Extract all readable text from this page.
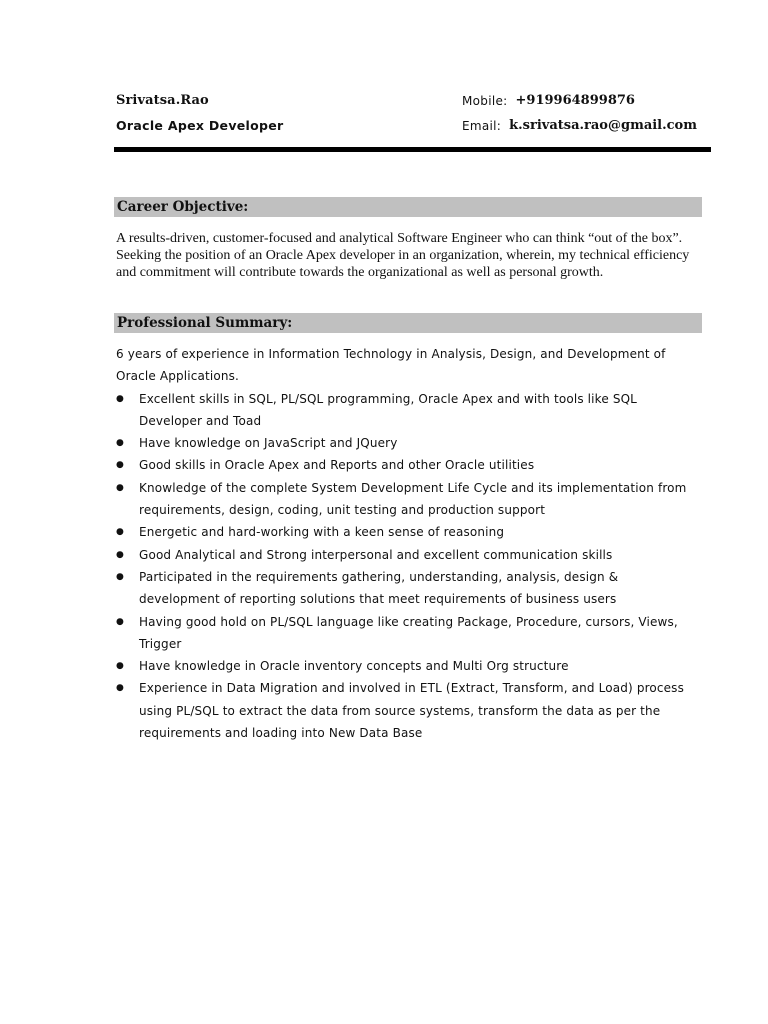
Srivatsa.Rao
Oracle Apex Developer
Mobile: +919964899876
Email: k.srivatsa.rao@gmail.com
Career Objective:
A results-driven, customer-focused and analytical Software Engineer who can think “out of the box”. Seeking the position of an Oracle Apex developer in an organization, wherein, my technical efficiency and commitment will contribute towards the organizational as well as personal growth.
Professional Summary:

6 years of experience in Information Technology in Analysis, Design, and Development of Oracle Applications.

● Excellent skills in SQL, PL/SQL programming, Oracle Apex and with tools like SQL Developer and Toad
● Have knowledge on JavaScript and JQuery
● Good skills in Oracle Apex and Reports and other Oracle utilities
● Knowledge of the complete System Development Life Cycle and its implementation from requirements, design, coding, unit testing and production support
● Energetic and hard-working with a keen sense of reasoning
● Good Analytical and Strong interpersonal and excellent communication skills
● Participated in the requirements gathering, understanding, analysis, design & development of reporting solutions that meet requirements of business users
● Having good hold on PL/SQL language like creating Package, Procedure, cursors, Views, Trigger
● Have knowledge in Oracle inventory concepts and Multi Org structure
● Experience in Data Migration and involved in ETL (Extract, Transform, and Load) process using PL/SQL to extract the data from source systems, transform the data as per the requirements and loading into New Data Base
